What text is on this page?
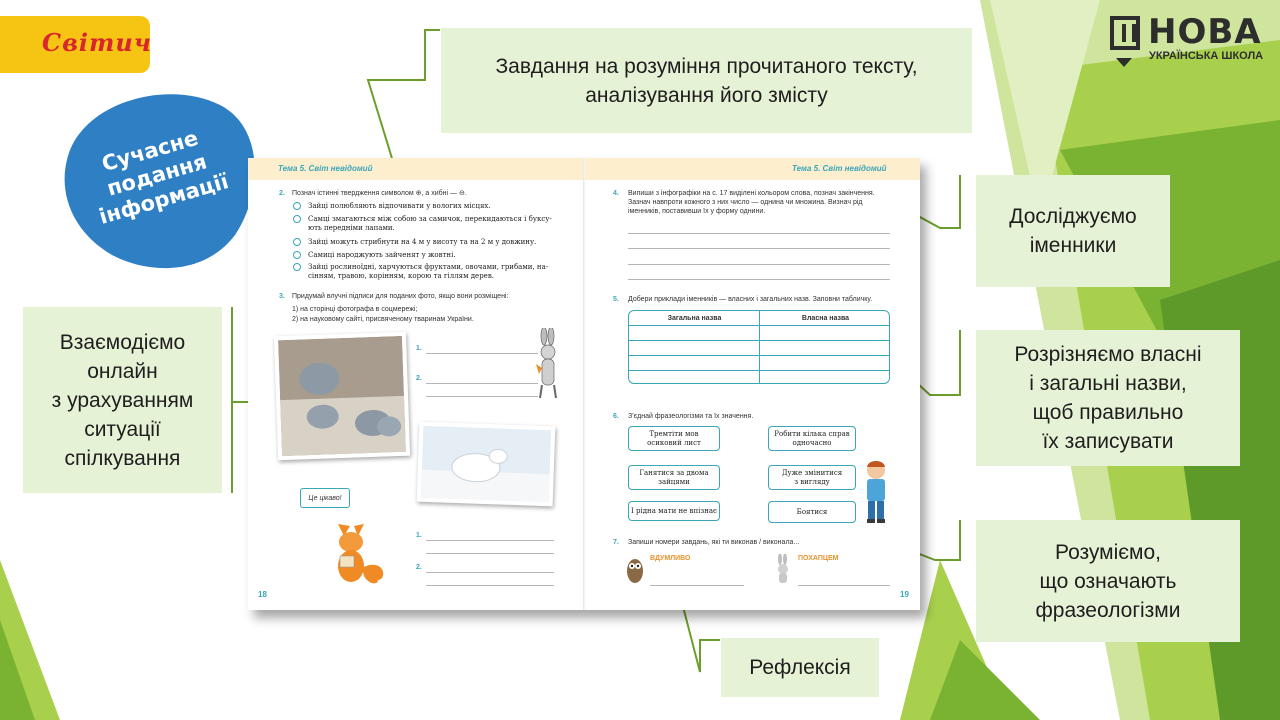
Світич	НОВА
УКРАЇНСЬКА ШКОЛА
Сучасне
подання
інформації
Завдання на розуміння прочитаного тексту,
аналізування його змісту
Взаємодіємо
онлайн
з урахуванням
ситуації
спілкування
Досліджуємо
іменники
Розрізняємо власні
і загальні назви,
щоб правильно
їх записувати
Розуміємо,
що означають
фразеологізми
Рефлексія
Тема 5. Світ невідомий	Тема 5. Світ невідомий
2. Познач істинні твердження символом ⊕, а хибні — ⊖.
Зайці полюбляють відпочивати у вологих місцях.
Самці змагаються між собою за самичок, перекидаються і буксу-
ють передніми лапами.
Зайці можуть стрибнути на 4 м у висоту та на 2 м у довжину.
Самиці народжують зайченят у жовтні.
Зайці рослиноїдні, харчуються фруктами, овочами, грибами, на-
сінням, травою, корінням, корою та гіллям дерев.
3. Придумай влучні підписи для поданих фото, якщо вони розміщені:
1) на сторінці фотографа в соцмережі;
2) на науковому сайті, присвяченому тваринам України.
1.
2.
1.
2.
Це цікаво!
4. Випиши з інфографіки на с. 17 виділені кольором слова, познач закінчення.
Зазнач навпроти кожного з них число — однина чи множина. Визнач рід
іменників, поставивши їх у форму однини.
5. Добери приклади іменників — власних і загальних назв. Заповни табличку.
Загальна назва	Власна назва
6. З'єднай фразеологізми та їх значення.
Тремтіти мов
осиковий лист
Ганятися за двома
зайцями
І рідна мати не впізнає
Робити кілька справ
одночасно
Дуже змінитися
з вигляду
Боятися
7. Запиши номери завдань, які ти виконав / виконала...
ВДУМЛИВО	ПОХАПЦЕМ
18	19
